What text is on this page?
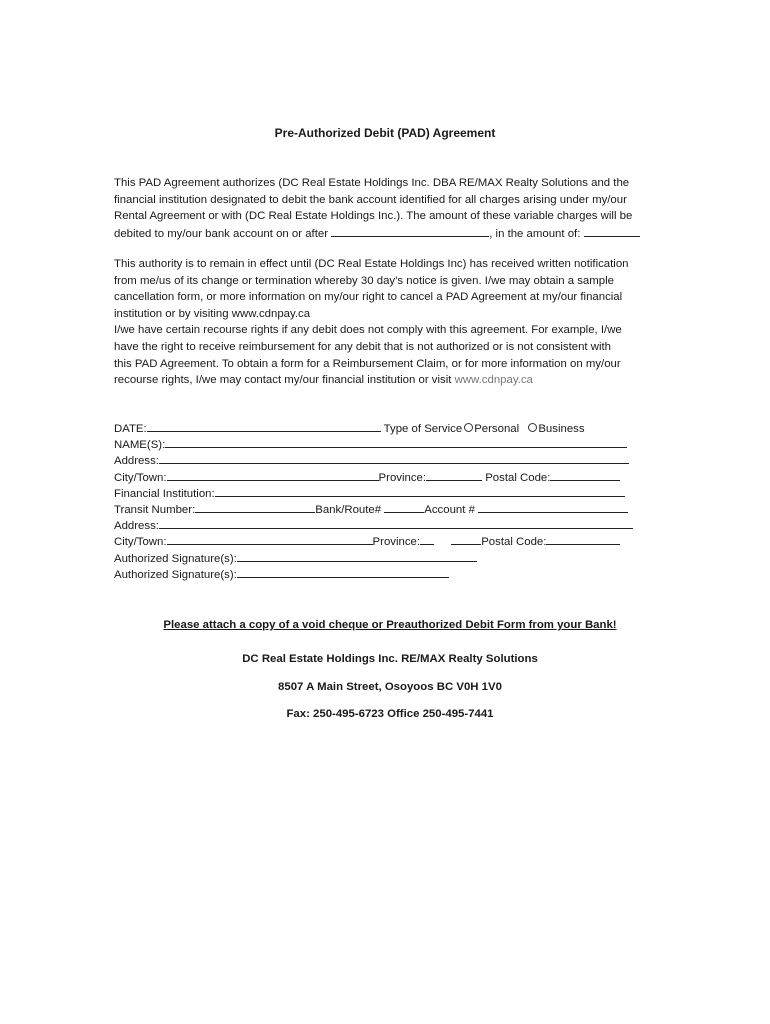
Pre-Authorized Debit (PAD) Agreement

This PAD Agreement authorizes (DC Real Estate Holdings Inc. DBA RE/MAX Realty Solutions and the

financial institution designated to debit the bank account identified for all charges arising under my/our

Rental Agreement or with (DC Real Estate Holdings Inc.). The amount of these variable charges will be

debited to my/our bank account on or after	, in the amount of:

This authority is to remain in effect until (DC Real Estate Holdings Inc) has received written notification

from me/us of its change or termination whereby 30 day’s notice is given. I/we may obtain a sample

cancellation form, or more information on my/our right to cancel a PAD Agreement at my/our financial

institution or by visiting www.cdnpay.ca

I/we have certain recourse rights if any debit does not comply with this agreement. For example, I/we

have the right to receive reimbursement for any debit that is not authorized or is not consistent with

this PAD Agreement. To obtain a form for a Reimbursement Claim, or for more information on my/our

recourse rights, I/we may contact my/our financial institution or visit www.cdnpay.ca

DATE:	Type of Service Personal Business
NAME(S):
Address:
City/Town:	Province:	Postal Code:
Financial Institution:
Transit Number:	Bank/Route#	Account #
Address:
City/Town:	Province:	Postal Code:
Authorized Signature(s):
Authorized Signature(s):
Please attach a copy of a void cheque or Preauthorized Debit Form from your Bank!
DC Real Estate Holdings Inc. RE/MAX Realty Solutions
8507 A Main Street, Osoyoos BC V0H 1V0
Fax: 250-495-6723 Office 250-495-7441
